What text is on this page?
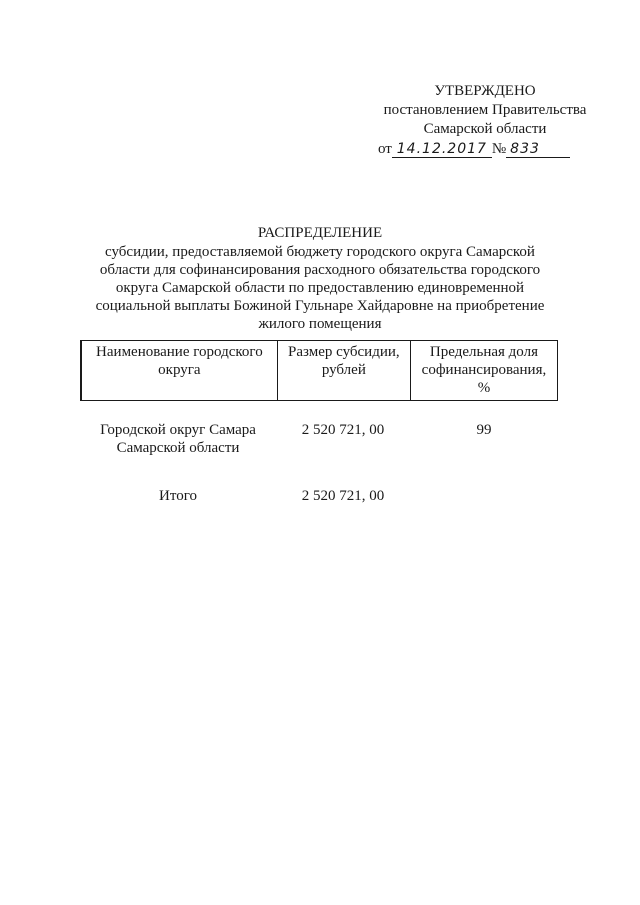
УТВЕРЖДЕНО
постановлением Правительства
Самарской области
от 14.12.2017 № 833
РАСПРЕДЕЛЕНИЕ
субсидии, предоставляемой бюджету городского округа Самарской
области для софинансирования расходного обязательства городского
округа Самарской области по предоставлению единовременной
социальной выплаты Божиной Гульнаре Хайдаровне на приобретение
жилого помещения
Наименование городского
округа
Размер субсидии,
рублей
Предельная доля
софинансирования, %
Городской округ Самара
Самарской области
2 520 721, 00	99
Итого	2 520 721, 00
